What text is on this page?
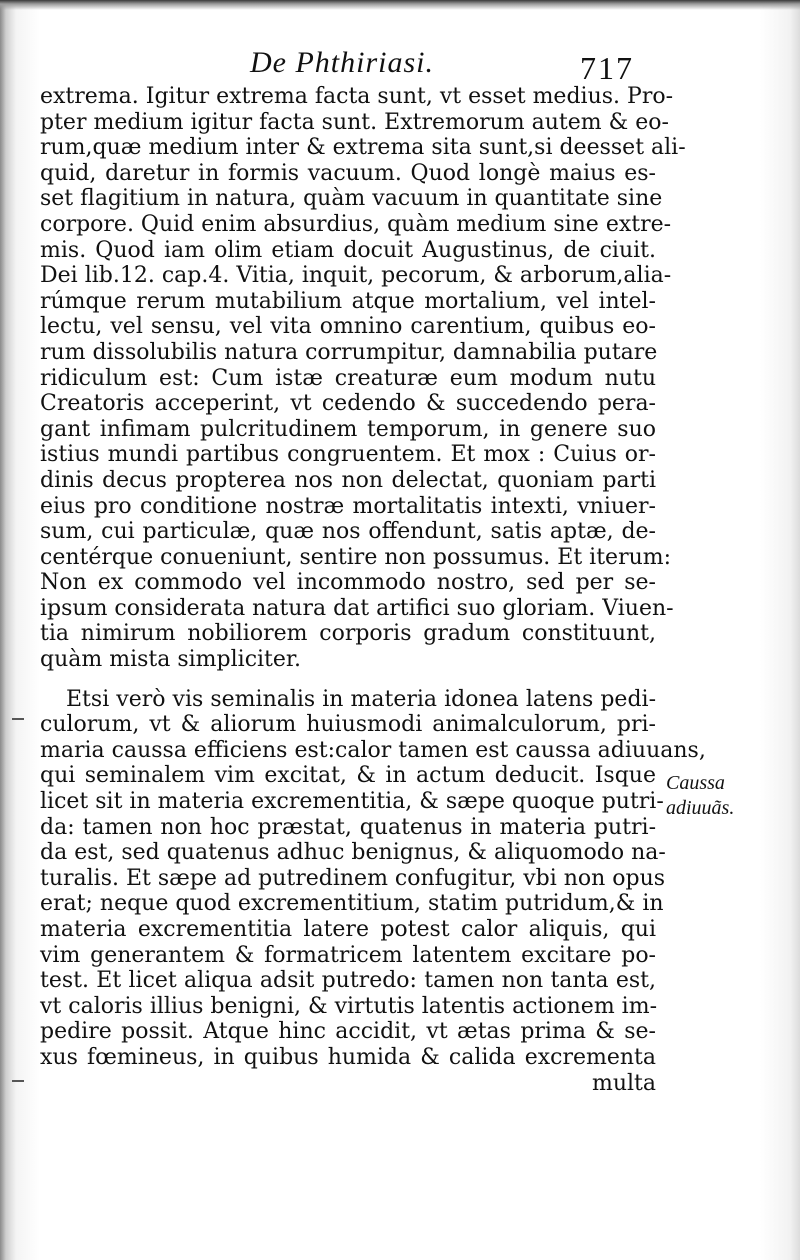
De Phthiriasi.	717
extrema. Igitur extrema facta sunt, vt esset medius. Pro-
pter medium igitur facta sunt. Extremorum autem & eo-
rum,quæ medium inter & extrema sita sunt,si deesset ali-
quid, daretur in formis vacuum. Quod longè maius es-
set flagitium in natura, quàm vacuum in quantitate sine
corpore. Quid enim absurdius, quàm medium sine extre-
mis. Quod iam olim etiam docuit Augustinus, de ciuit.
Dei lib.12. cap.4. Vitia, inquit, pecorum, & arborum,alia-
rúmque rerum mutabilium atque mortalium, vel intel-
lectu, vel sensu, vel vita omnino carentium, quibus eo-
rum dissolubilis natura corrumpitur, damnabilia putare
ridiculum est: Cum istæ creaturæ eum modum nutu
Creatoris acceperint, vt cedendo & succedendo pera-
gant infimam pulcritudinem temporum, in genere suo
istius mundi partibus congruentem. Et mox : Cuius or-
dinis decus propterea nos non delectat, quoniam parti
eius pro conditione nostræ mortalitatis intexti, vniuer-
sum, cui particulæ, quæ nos offendunt, satis aptæ, de-
centérque conueniunt, sentire non possumus. Et iterum:
Non ex commodo vel incommodo nostro, sed per se-
ipsum considerata natura dat artifici suo gloriam. Viuen-
tia nimirum nobiliorem corporis gradum constituunt,
quàm mista simpliciter.
Etsi verò vis seminalis in materia idonea latens pedi-
culorum, vt & aliorum huiusmodi animalculorum, pri-
maria caussa efficiens est:calor tamen est caussa adiuuans,
qui seminalem vim excitat, & in actum deducit. Isque
licet sit in materia excrementitia, & sæpe quoque putri-
da: tamen non hoc præstat, quatenus in materia putri-
da est, sed quatenus adhuc benignus, & aliquomodo na-
turalis. Et sæpe ad putredinem confugitur, vbi non opus
erat; neque quod excrementitium, statim putridum,& in
materia excrementitia latere potest calor aliquis, qui
vim generantem & formatricem latentem excitare po-
test. Et licet aliqua adsit putredo: tamen non tanta est,
vt caloris illius benigni, & virtutis latentis actionem im-
pedire possit. Atque hinc accidit, vt ætas prima & se-
xus fœmineus, in quibus humida & calida excrementa
multa
Caussa
adiuuãs.
